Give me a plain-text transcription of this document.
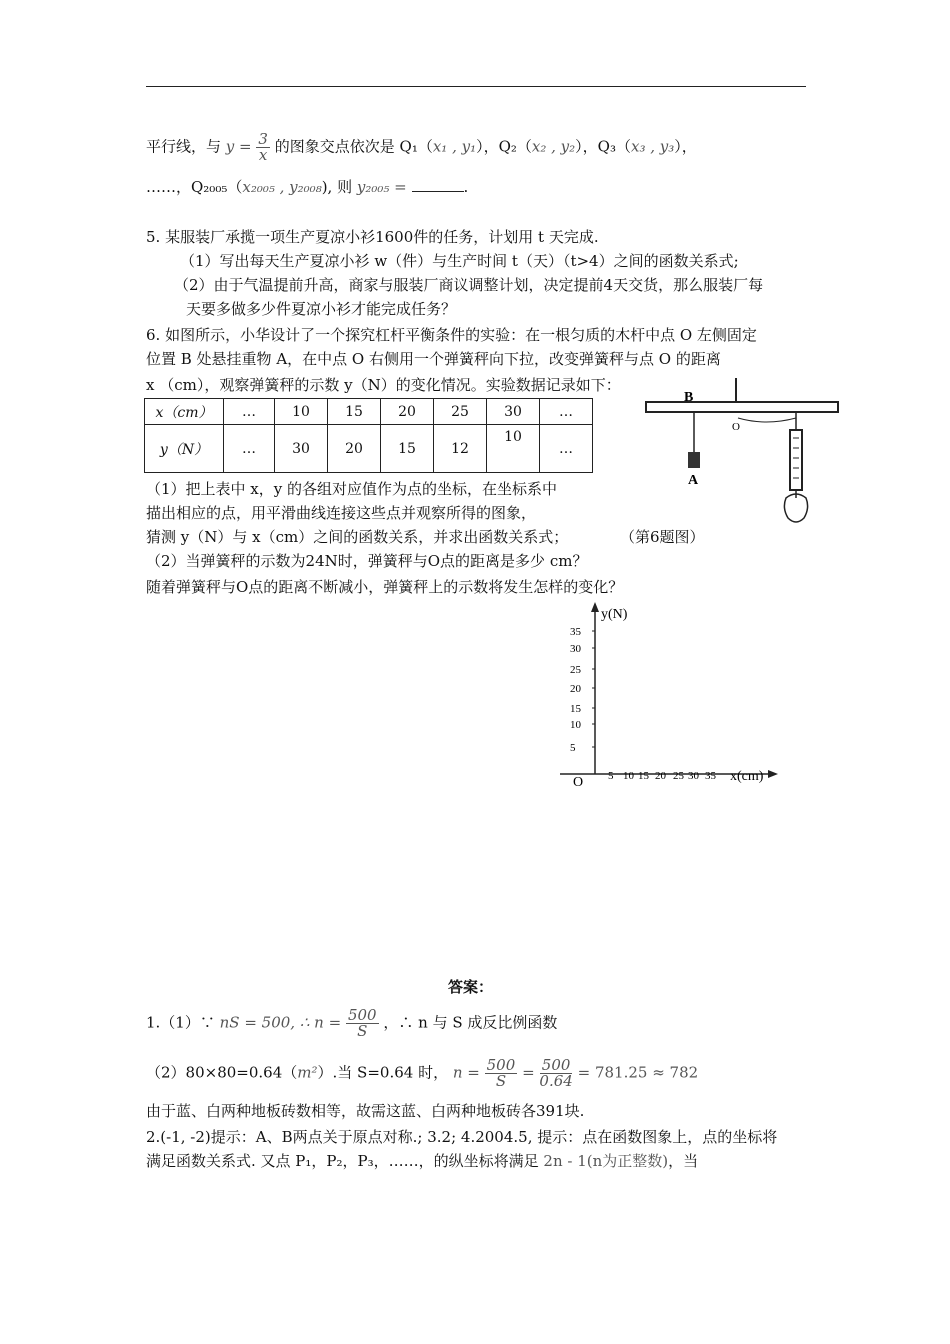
平行线，与 $y = \frac{3}{x}$ 的图象交点依次是 Q₁（x₁ , y₁），Q₂（x₂ , y₂），Q₃（x₃ , y₃），
……，Q₂₀₀₅（x₂₀₀₅ , y₂₀₀₈), 则 y₂₀₀₅ =	.
5. 某服装厂承揽一项生产夏凉小衫1600件的任务，计划用 t 天完成.
（1）写出每天生产夏凉小衫 w（件）与生产时间 t（天）（t>4）之间的函数关系式;
（2）由于气温提前升高，商家与服装厂商议调整计划，决定提前4天交货，那么服装厂每
天要多做多少件夏凉小衫才能完成任务？
6. 如图所示，小华设计了一个探究杠杆平衡条件的实验：在一根匀质的木杆中点 O 左侧固定
位置 B 处悬挂重物 A，在中点 O 右侧用一个弹簧秤向下拉，改变弹簧秤与点 O 的距离
x （cm），观察弹簧秤的示数 y（N）的变化情况。实验数据记录如下：
x（cm）	…	10	15	20	25	30	…
y（N）	…	30	20	15	12	10	…
B
A
O
（1）把上表中 x，y 的各组对应值作为点的坐标，在坐标系中
描出相应的点，用平滑曲线连接这些点并观察所得的图象，
猜测 y（N）与 x（cm）之间的函数关系，并求出函数关系式；	（第6题图）
（2）当弹簧秤的示数为24N时，弹簧秤与O点的距离是多少 cm？
随着弹簧秤与O点的距离不断减小，弹簧秤上的示数将发生怎样的变化？
y(N)
x(cm)
O
35
30
25
20
15
10
5
5 10 15 20 25 30 35
答案：
1.（1）∵ nS = 500, ∴ $n = \frac{500}{S}$ ，∴ n 与 S 成反比例函数
（2）80×80=0.64（m²）.当 S=0.64 时， $n = \frac{500}{S} = \frac{500}{0.64} = 781.25 \approx 782$
由于蓝、白两种地板砖数相等，故需这蓝、白两种地板砖各391块.
2.(-1, -2)提示：A、B两点关于原点对称.; 3.2; 4.2004.5, 提示：点在函数图象上，点的坐标将
满足函数关系式. 又点 P₁，P₂，P₃，……，的纵坐标将满足 2n - 1(n为正整数)，当
